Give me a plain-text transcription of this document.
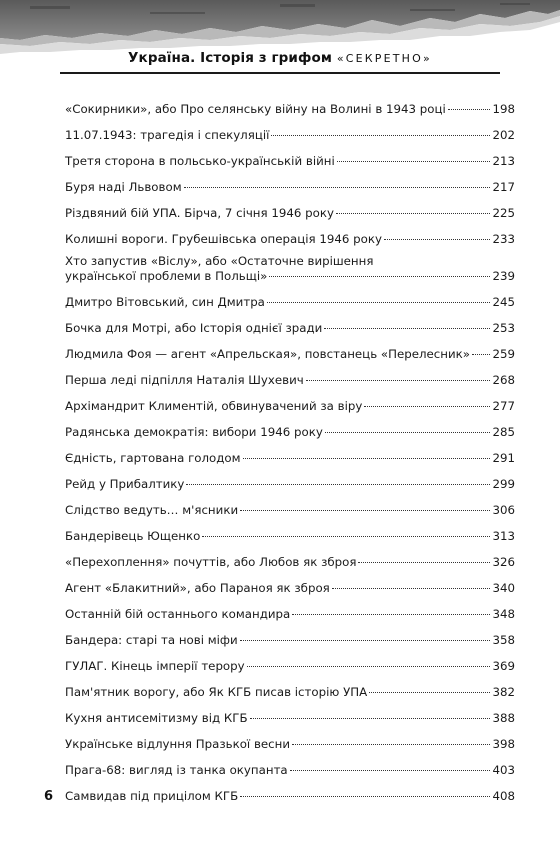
Україна. Історія з грифом «СЕКРЕТНО»
«Сокирники», або Про селянську війну на Волині в 1943 році	198
11.07.1943: трагедія і спекуляції	202
Третя сторона в польсько-українській війні	213
Буря наді Львовом	217
Різдвяний бій УПА. Бірча, 7 січня 1946 року	225
Колишні вороги. Грубешівська операція 1946 року	233
Хто запустив «Віслу», або «Остаточне вирішення
української проблеми в Польщі»	239
Дмитро Вітовський, син Дмитра	245
Бочка для Мотрі, або Історія однієї зради	253
Людмила Фоя — агент «Апрельская», повстанець «Перелесник» 259
Перша леді підпілля Наталія Шухевич	268
Архімандрит Климентій, обвинувачений за віру	277
Радянська демократія: вибори 1946 року	285
Єдність, гартована голодом	291
Рейд у Прибалтику	299
Слідство ведуть… м'ясники	306
Бандерівець Ющенко	313
«Перехоплення» почуттів, або Любов як зброя	326
Агент «Блакитний», або Параноя як зброя	340
Останній бій останнього командира	348
Бандера: старі та нові міфи	358
ГУЛАГ. Кінець імперії терору	369
Пам'ятник ворогу, або Як КГБ писав історію УПА	382
Кухня антисемітизму від КГБ	388
Українське відлуння Празької весни	398
Прага-68: вигляд із танка окупанта	403
Самвидав під прицілом КГБ	408
6
